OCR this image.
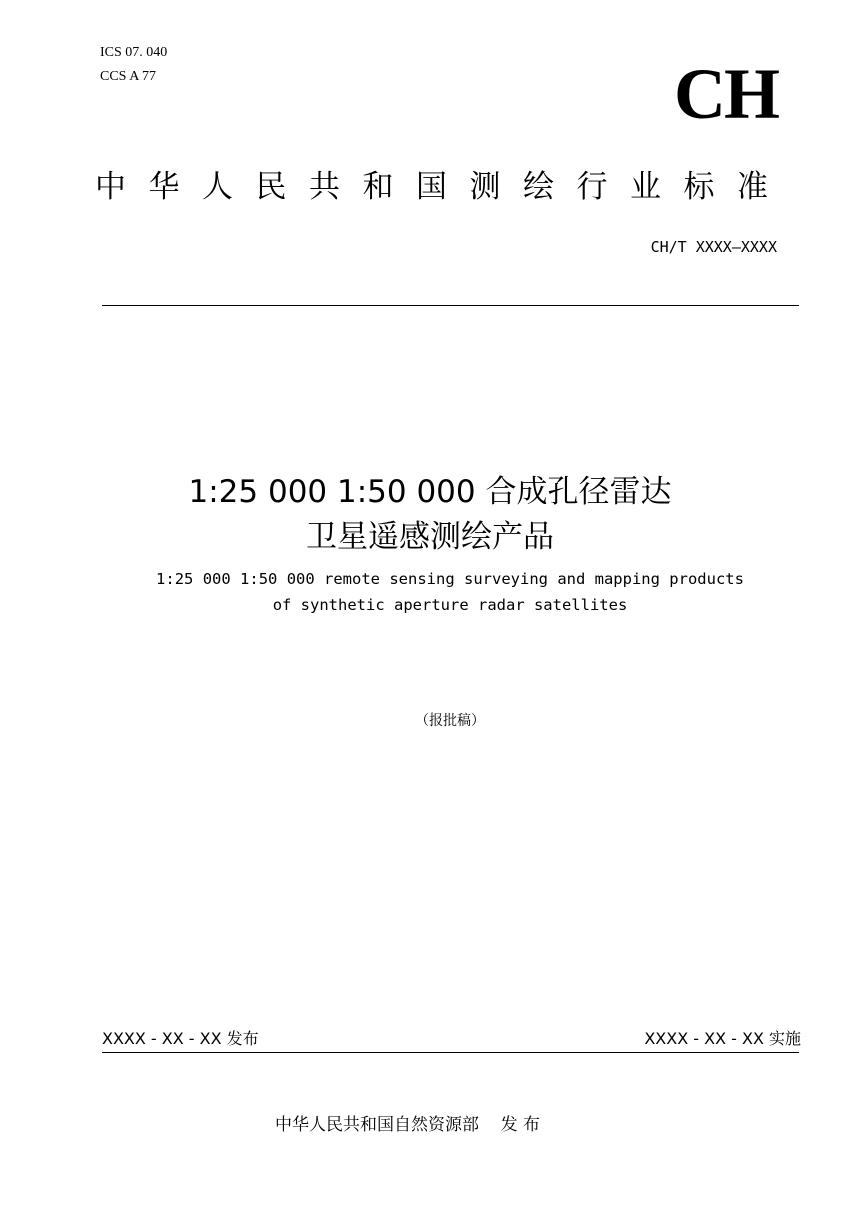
ICS 07. 040
CCS A 77	CH
中华人民共和国测绘行业标准
CH/T XXXX—XXXX
1:25 000 1:50 000 合成孔径雷达
卫星遥感测绘产品
1:25 000 1:50 000 remote sensing surveying and mapping products
of synthetic aperture radar satellites
（报批稿）
XXXX - XX - XX 发布	XXXX - XX - XX 实施
中华人民共和国自然资源部    发 布
